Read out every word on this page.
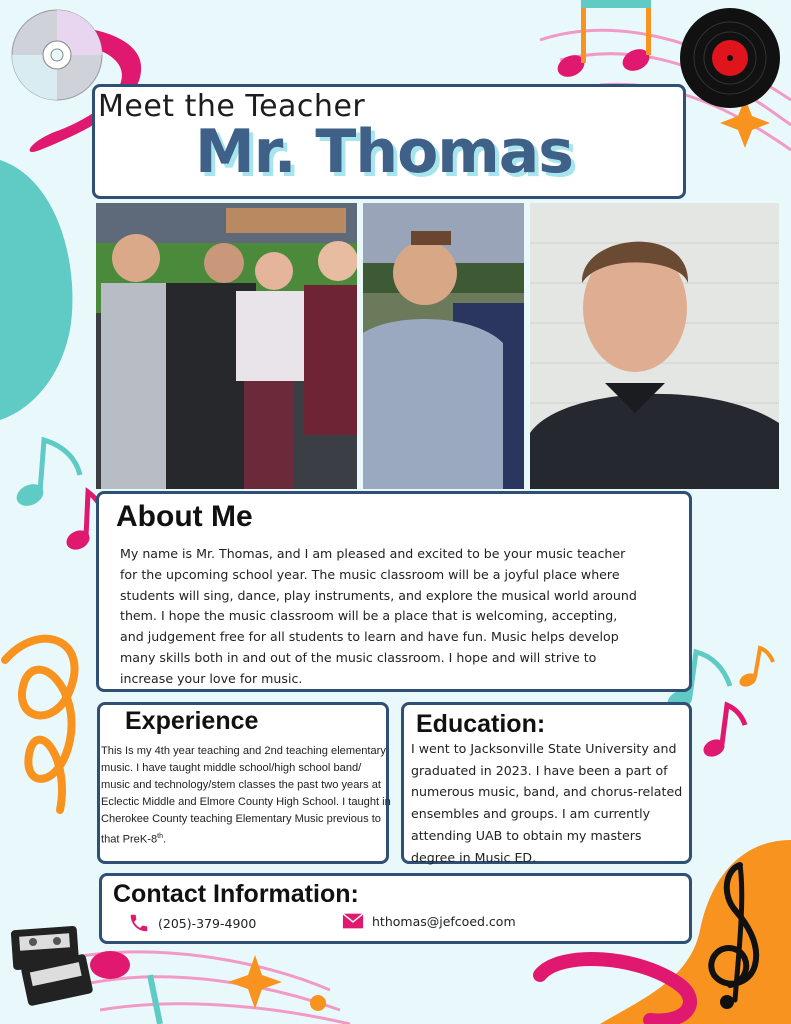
Meet the Teacher
Mr. Thomas
About Me

My name is Mr. Thomas, and I am pleased and excited to be your music teacher for the upcoming school year. The music classroom will be a joyful place where students will sing, dance, play instruments, and explore the musical world around them. I hope the music classroom will be a place that is welcoming, accepting, and judgement free for all students to learn and have fun. Music helps develop many skills both in and out of the music classroom. I hope and will strive to increase your love for music.

Experience

This Is my 4th year teaching and 2nd teaching elementary music. I have taught middle school/high school band/ music and technology/stem classes the past two years at Eclectic Middle and Elmore County High School. I taught in Cherokee County teaching Elementary Music previous to that PreK-8th.

Education:

I went to Jacksonville State University and graduated in 2023. I have been a part of numerous music, band, and chorus-related ensembles and groups. I am currently attending UAB to obtain my masters degree in Music ED.

Contact Information:
(205)-379-4900	hthomas@jefcoed.com
